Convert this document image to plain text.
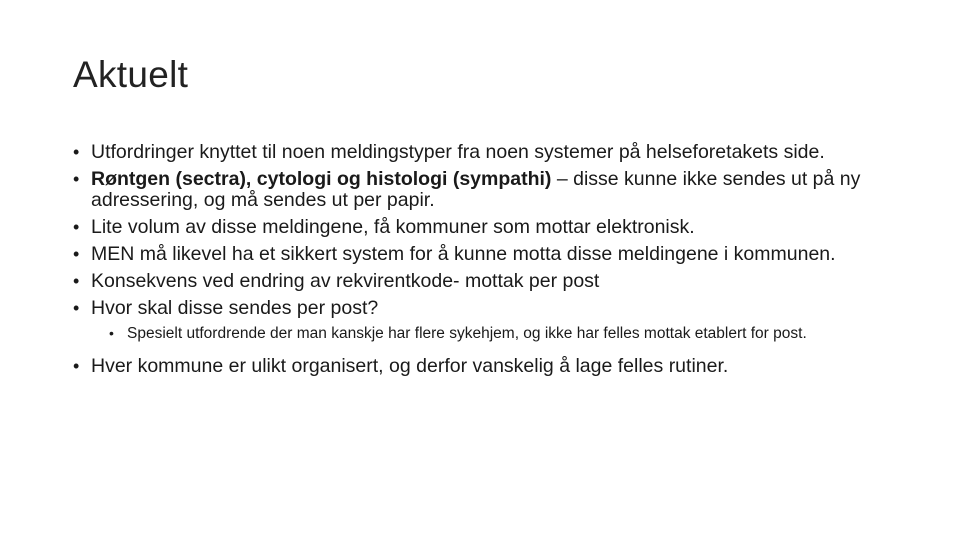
Aktuelt
• Utfordringer knyttet til noen meldingstyper fra noen systemer på helseforetakets side.
• Røntgen (sectra), cytologi og histologi (sympathi) – disse kunne ikke sendes ut på ny adressering, og må sendes ut per papir.
• Lite volum av disse meldingene, få kommuner som mottar elektronisk.
• MEN må likevel ha et sikkert system for å kunne motta disse meldingene i kommunen.
• Konsekvens ved endring av rekvirentkode- mottak per post
• Hvor skal disse sendes per post?
• Spesielt utfordrende der man kanskje har flere sykehjem, og ikke har felles mottak etablert for post.
• Hver kommune er ulikt organisert, og derfor vanskelig å lage felles rutiner.
